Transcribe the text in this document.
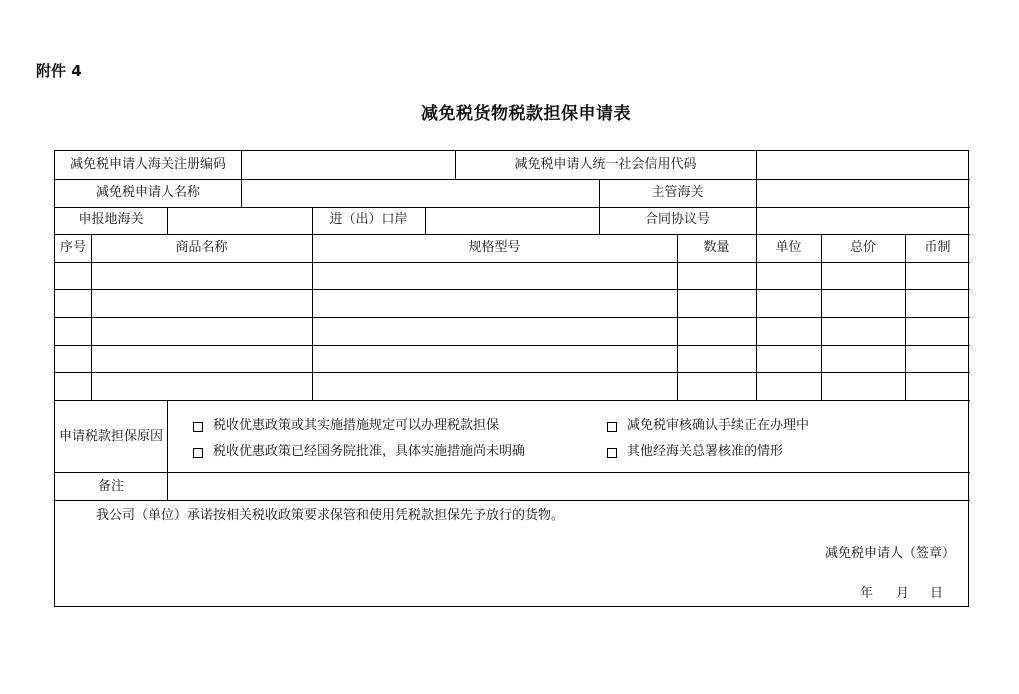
附件 4
减免税货物税款担保申请表
减免税申请人海关注册编码	减免税申请人统一社会信用代码
减免税申请人名称	主管海关
申报地海关	进（出）口岸	合同协议号
序号	商品名称	规格型号	数量	单位	总价	币制
申请税款担保原因
税收优惠政策或其实施措施规定可以办理税款担保	减免税审核确认手续正在办理中
税收优惠政策已经国务院批准，具体实施措施尚未明确	其他经海关总署核准的情形
备注
我公司（单位）承诺按相关税收政策要求保管和使用凭税款担保先予放行的货物。
减免税申请人（签章）
年 月 日
